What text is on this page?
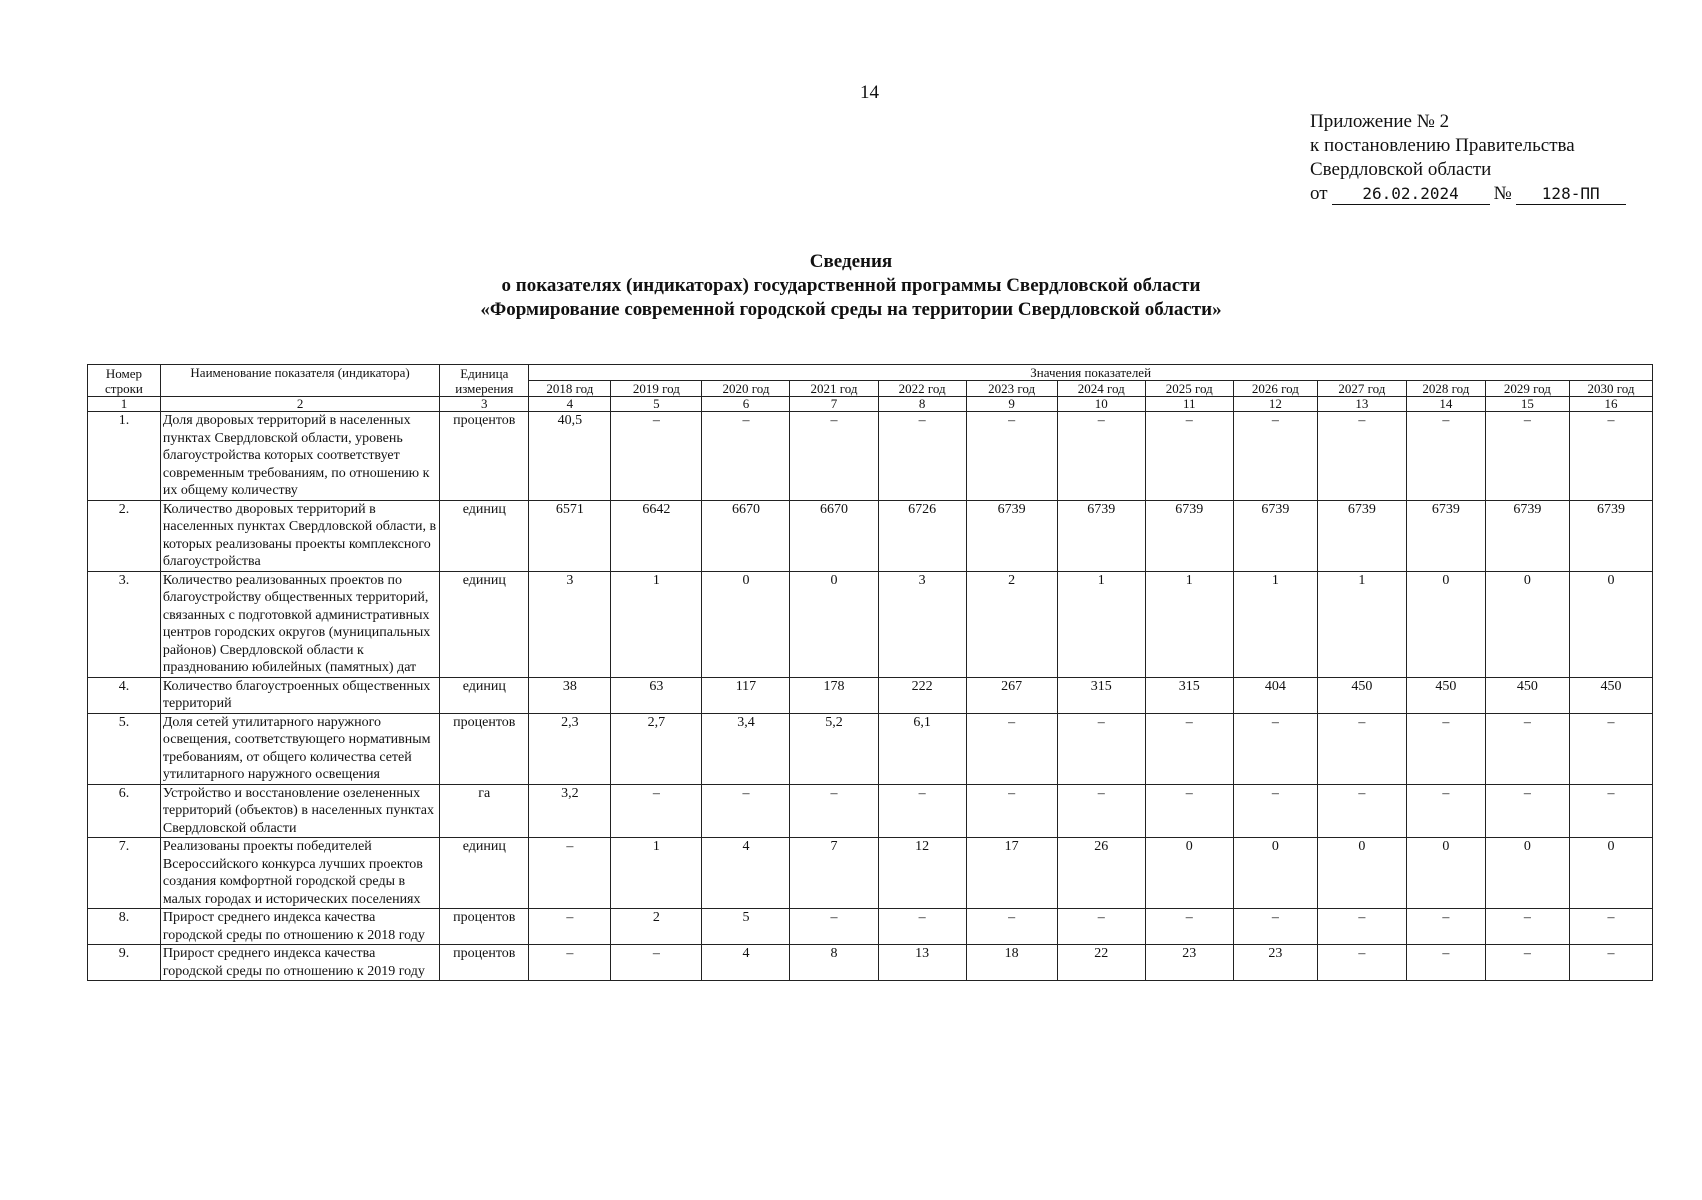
14
Приложение № 2
к постановлению Правительства
Свердловской области
от 26.02.2024 № 128-ПП
Сведения
о показателях (индикаторах) государственной программы Свердловской области
«Формирование современной городской среды на территории Свердловской области»
Номер строки	Наименование показателя (индикатора)	Единица измерения	Значения показателей												
			2018 год	2019 год	2020 год	2021 год	2022 год	2023 год	2024 год	2025 год	2026 год	2027 год	2028 год	2029 год	2030 год
1	2	3	4	5	6	7	8	9	10	11	12	13	14	15	16
1.	Доля дворовых территорий в населенных пунктах Свердловской области, уровень благоустройства которых соответствует современным требованиям, по отношению к их общему количеству	процентов	40,5	–	–	–	–	–	–	–	–	–	–	–	–
2.	Количество дворовых территорий в населенных пунктах Свердловской области, в которых реализованы проекты комплексного благоустройства	единиц	6571	6642	6670	6670	6726	6739	6739	6739	6739	6739	6739	6739	6739
3.	Количество реализованных проектов по благоустройству общественных территорий, связанных с подготовкой административных центров городских округов (муниципальных районов) Свердловской области к празднованию юбилейных (памятных) дат	единиц	3	1	0	0	3	2	1	1	1	1	0	0	0
4.	Количество благоустроенных общественных территорий	единиц	38	63	117	178	222	267	315	315	404	450	450	450	450
5.	Доля сетей утилитарного наружного освещения, соответствующего нормативным требованиям, от общего количества сетей утилитарного наружного освещения	процентов	2,3	2,7	3,4	5,2	6,1	–	–	–	–	–	–	–	–
6.	Устройство и восстановление озелененных территорий (объектов) в населенных пунктах Свердловской области	га	3,2	–	–	–	–	–	–	–	–	–	–	–	–
7.	Реализованы проекты победителей Всероссийского конкурса лучших проектов создания комфортной городской среды в малых городах и исторических поселениях	единиц	–	1	4	7	12	17	26	0	0	0	0	0	0
8.	Прирост среднего индекса качества городской среды по отношению к 2018 году	процентов	–	2	5	–	–	–	–	–	–	–	–	–	–
9.	Прирост среднего индекса качества городской среды по отношению к 2019 году	процентов	–	–	4	8	13	18	22	23	23	–	–	–	–
